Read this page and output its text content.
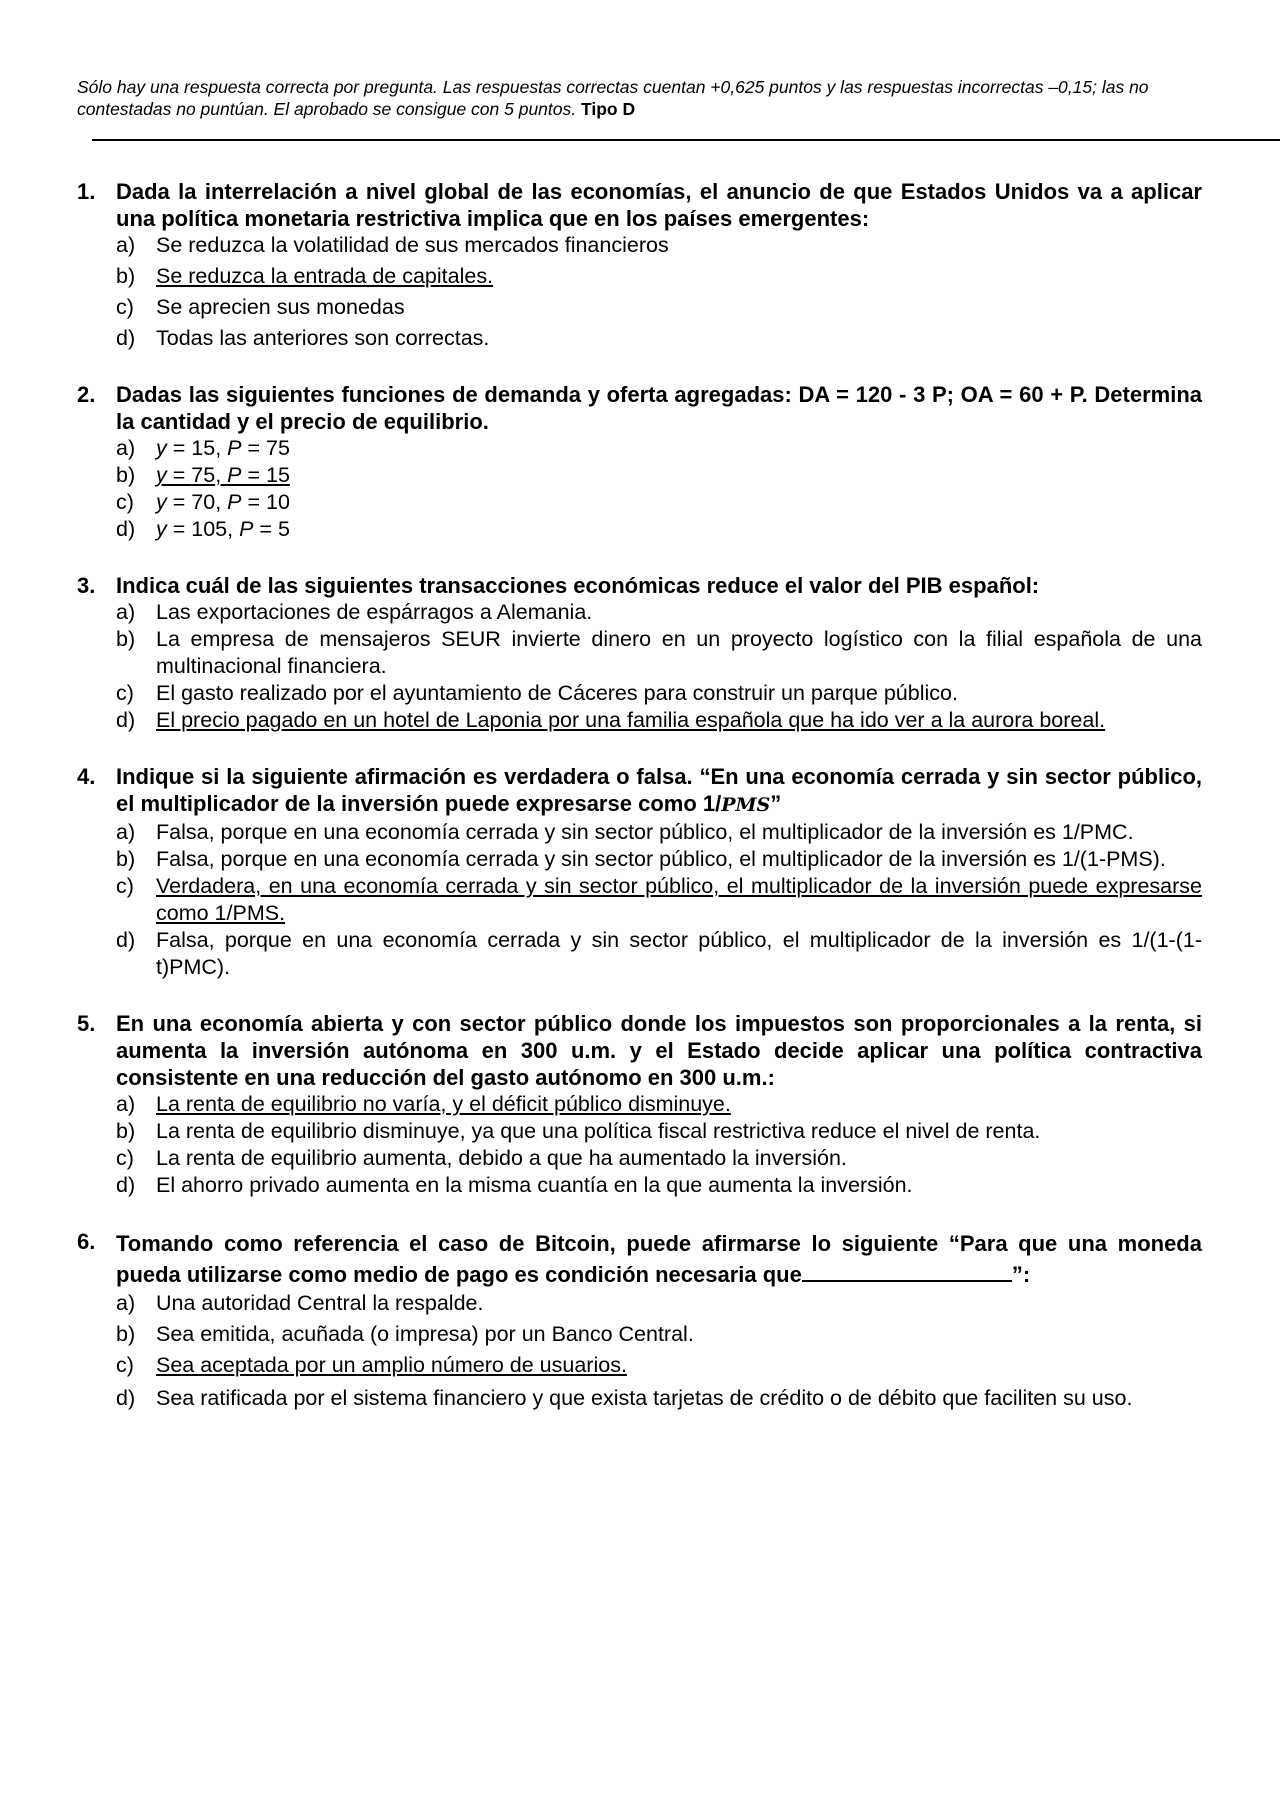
Sólo hay una respuesta correcta por pregunta. Las respuestas correctas cuentan +0,625 puntos y las respuestas incorrectas –0,15; las no contestadas no puntúan. El aprobado se consigue con 5 puntos. Tipo D
1. Dada la interrelación a nivel global de las economías, el anuncio de que Estados Unidos va a aplicar una política monetaria restrictiva implica que en los países emergentes:
a) Se reduzca la volatilidad de sus mercados financieros
b) Se reduzca la entrada de capitales.
c) Se aprecien sus monedas
d) Todas las anteriores son correctas.
2. Dadas las siguientes funciones de demanda y oferta agregadas: DA = 120 - 3 P; OA = 60 + P. Determina la cantidad y el precio de equilibrio.
a) y = 15, P = 75
b) y = 75, P = 15
c) y = 70, P = 10
d) y = 105, P = 5
3. Indica cuál de las siguientes transacciones económicas reduce el valor del PIB español:
a) Las exportaciones de espárragos a Alemania.
b) La empresa de mensajeros SEUR invierte dinero en un proyecto logístico con la filial española de una multinacional financiera.
c) El gasto realizado por el ayuntamiento de Cáceres para construir un parque público.
d) El precio pagado en un hotel de Laponia por una familia española que ha ido ver a la aurora boreal.
4. Indique si la siguiente afirmación es verdadera o falsa. “En una economía cerrada y sin sector público, el multiplicador de la inversión puede expresarse como 1/PMS”
a) Falsa, porque en una economía cerrada y sin sector público, el multiplicador de la inversión es 1/PMC.
b) Falsa, porque en una economía cerrada y sin sector público, el multiplicador de la inversión es 1/(1-PMS).
c) Verdadera, en una economía cerrada y sin sector público, el multiplicador de la inversión puede expresarse como 1/PMS.
d) Falsa, porque en una economía cerrada y sin sector público, el multiplicador de la inversión es 1/(1-(1-t)PMC).
5. En una economía abierta y con sector público donde los impuestos son proporcionales a la renta, si aumenta la inversión autónoma en 300 u.m. y el Estado decide aplicar una política contractiva consistente en una reducción del gasto autónomo en 300 u.m.:
a) La renta de equilibrio no varía, y el déficit público disminuye.
b) La renta de equilibrio disminuye, ya que una política fiscal restrictiva reduce el nivel de renta.
c) La renta de equilibrio aumenta, debido a que ha aumentado la inversión.
d) El ahorro privado aumenta en la misma cuantía en la que aumenta la inversión.
6. Tomando como referencia el caso de Bitcoin, puede afirmarse lo siguiente “Para que una moneda pueda utilizarse como medio de pago es condición necesaria que	”:
a) Una autoridad Central la respalde.
b) Sea emitida, acuñada (o impresa) por un Banco Central.
c) Sea aceptada por un amplio número de usuarios.
d) Sea ratificada por el sistema financiero y que exista tarjetas de crédito o de débito que faciliten su uso.
